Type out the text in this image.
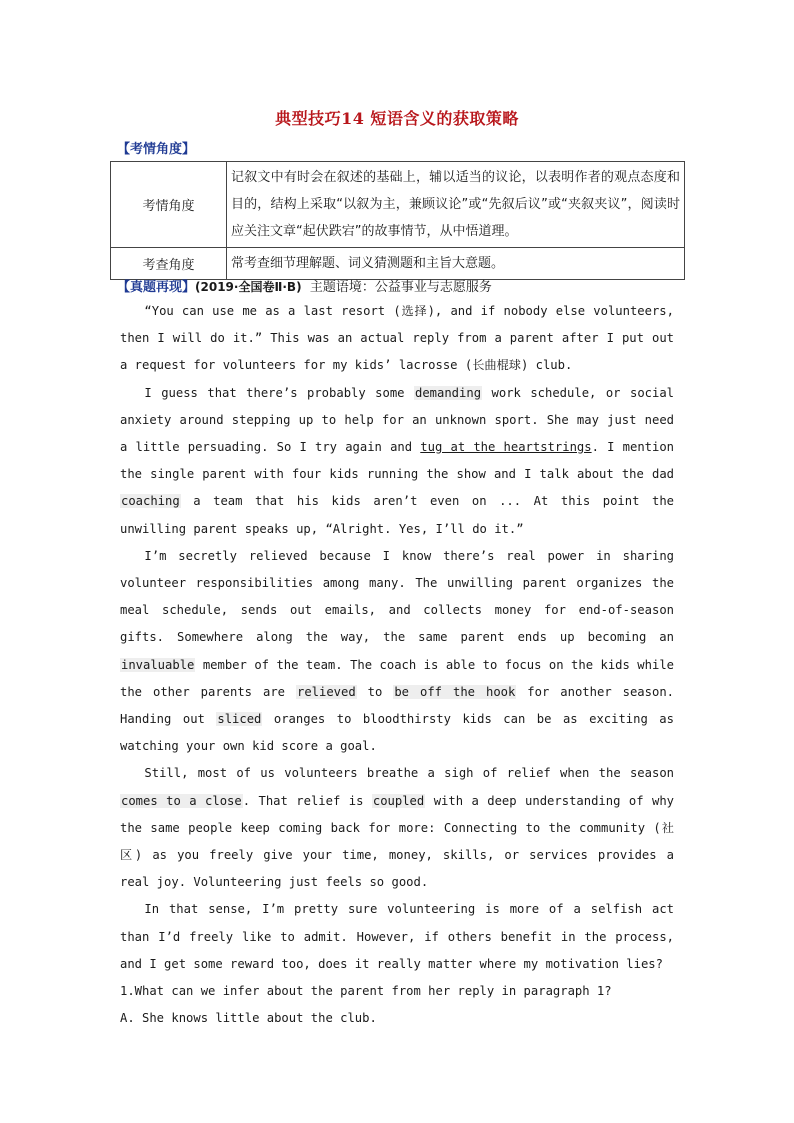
典型技巧14 短语含义的获取策略
【考情角度】
考情角度	记叙文中有时会在叙述的基础上，辅以适当的议论，以表明作者的观点态度和目的，结构上采取“以叙为主，兼顾议论”或“先叙后议”或“夹叙夹议”，阅读时应关注文章“起伏跌宕”的故事情节，从中悟道理。
考查角度	常考查细节理解题、词义猜测题和主旨大意题。
【真题再现】(2019·全国卷Ⅱ·B) 主题语境：公益事业与志愿服务

“You can use me as a last resort (选择), and if nobody else volunteers, then I will do it.” This was an actual reply from a parent after I put out a request for volunteers for my kids’ lacrosse (长曲棍球) club.

I guess that there’s probably some demanding work schedule, or social anxiety around stepping up to help for an unknown sport. She may just need a little persuading. So I try again and tug at the heartstrings. I mention the single parent with four kids running the show and I talk about the dad coaching a team that his kids aren’t even on ... At this point the unwilling parent speaks up, “Alright. Yes, I’ll do it.”

I’m secretly relieved because I know there’s real power in sharing volunteer responsibilities among many. The unwilling parent organizes the meal schedule, sends out emails, and collects money for end-of-season gifts. Somewhere along the way, the same parent ends up becoming an invaluable member of the team. The coach is able to focus on the kids while the other parents are relieved to be off the hook for another season. Handing out sliced oranges to bloodthirsty kids can be as exciting as watching your own kid score a goal.

Still, most of us volunteers breathe a sigh of relief when the season comes to a close. That relief is coupled with a deep understanding of why the same people keep coming back for more: Connecting to the community (社区) as you freely give your time, money, skills, or services provides a real joy. Volunteering just feels so good.

In that sense, I’m pretty sure volunteering is more of a selfish act than I’d freely like to admit. However, if others benefit in the process, and I get some reward too, does it really matter where my motivation lies?

1.What can we infer about the parent from her reply in paragraph 1?

A. She knows little about the club.
